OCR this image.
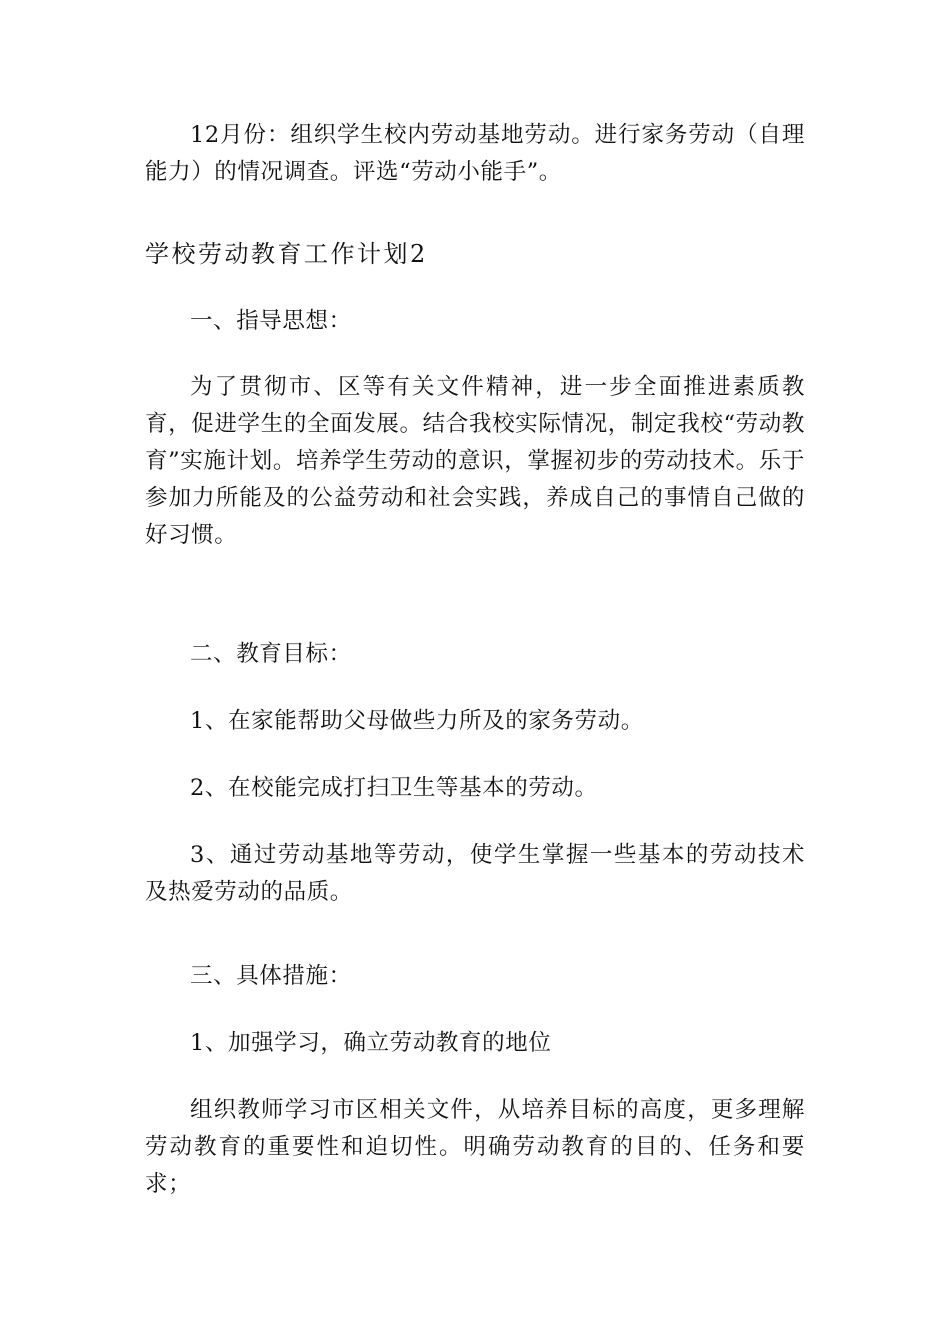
12月份：组织学生校内劳动基地劳动。进行家务劳动（自理能力）的情况调查。评选“劳动小能手”。

学校劳动教育工作计划2

一、指导思想：

为了贯彻市、区等有关文件精神，进一步全面推进素质教育，促进学生的全面发展。结合我校实际情况，制定我校“劳动教育”实施计划。培养学生劳动的意识，掌握初步的劳动技术。乐于参加力所能及的公益劳动和社会实践，养成自己的事情自己做的好习惯。

二、教育目标：

1、在家能帮助父母做些力所及的家务劳动。

2、在校能完成打扫卫生等基本的劳动。

3、通过劳动基地等劳动，使学生掌握一些基本的劳动技术及热爱劳动的品质。

三、具体措施：

1、加强学习，确立劳动教育的地位

组织教师学习市区相关文件，从培养目标的高度，更多理解劳动教育的重要性和迫切性。明确劳动教育的目的、任务和要求；
